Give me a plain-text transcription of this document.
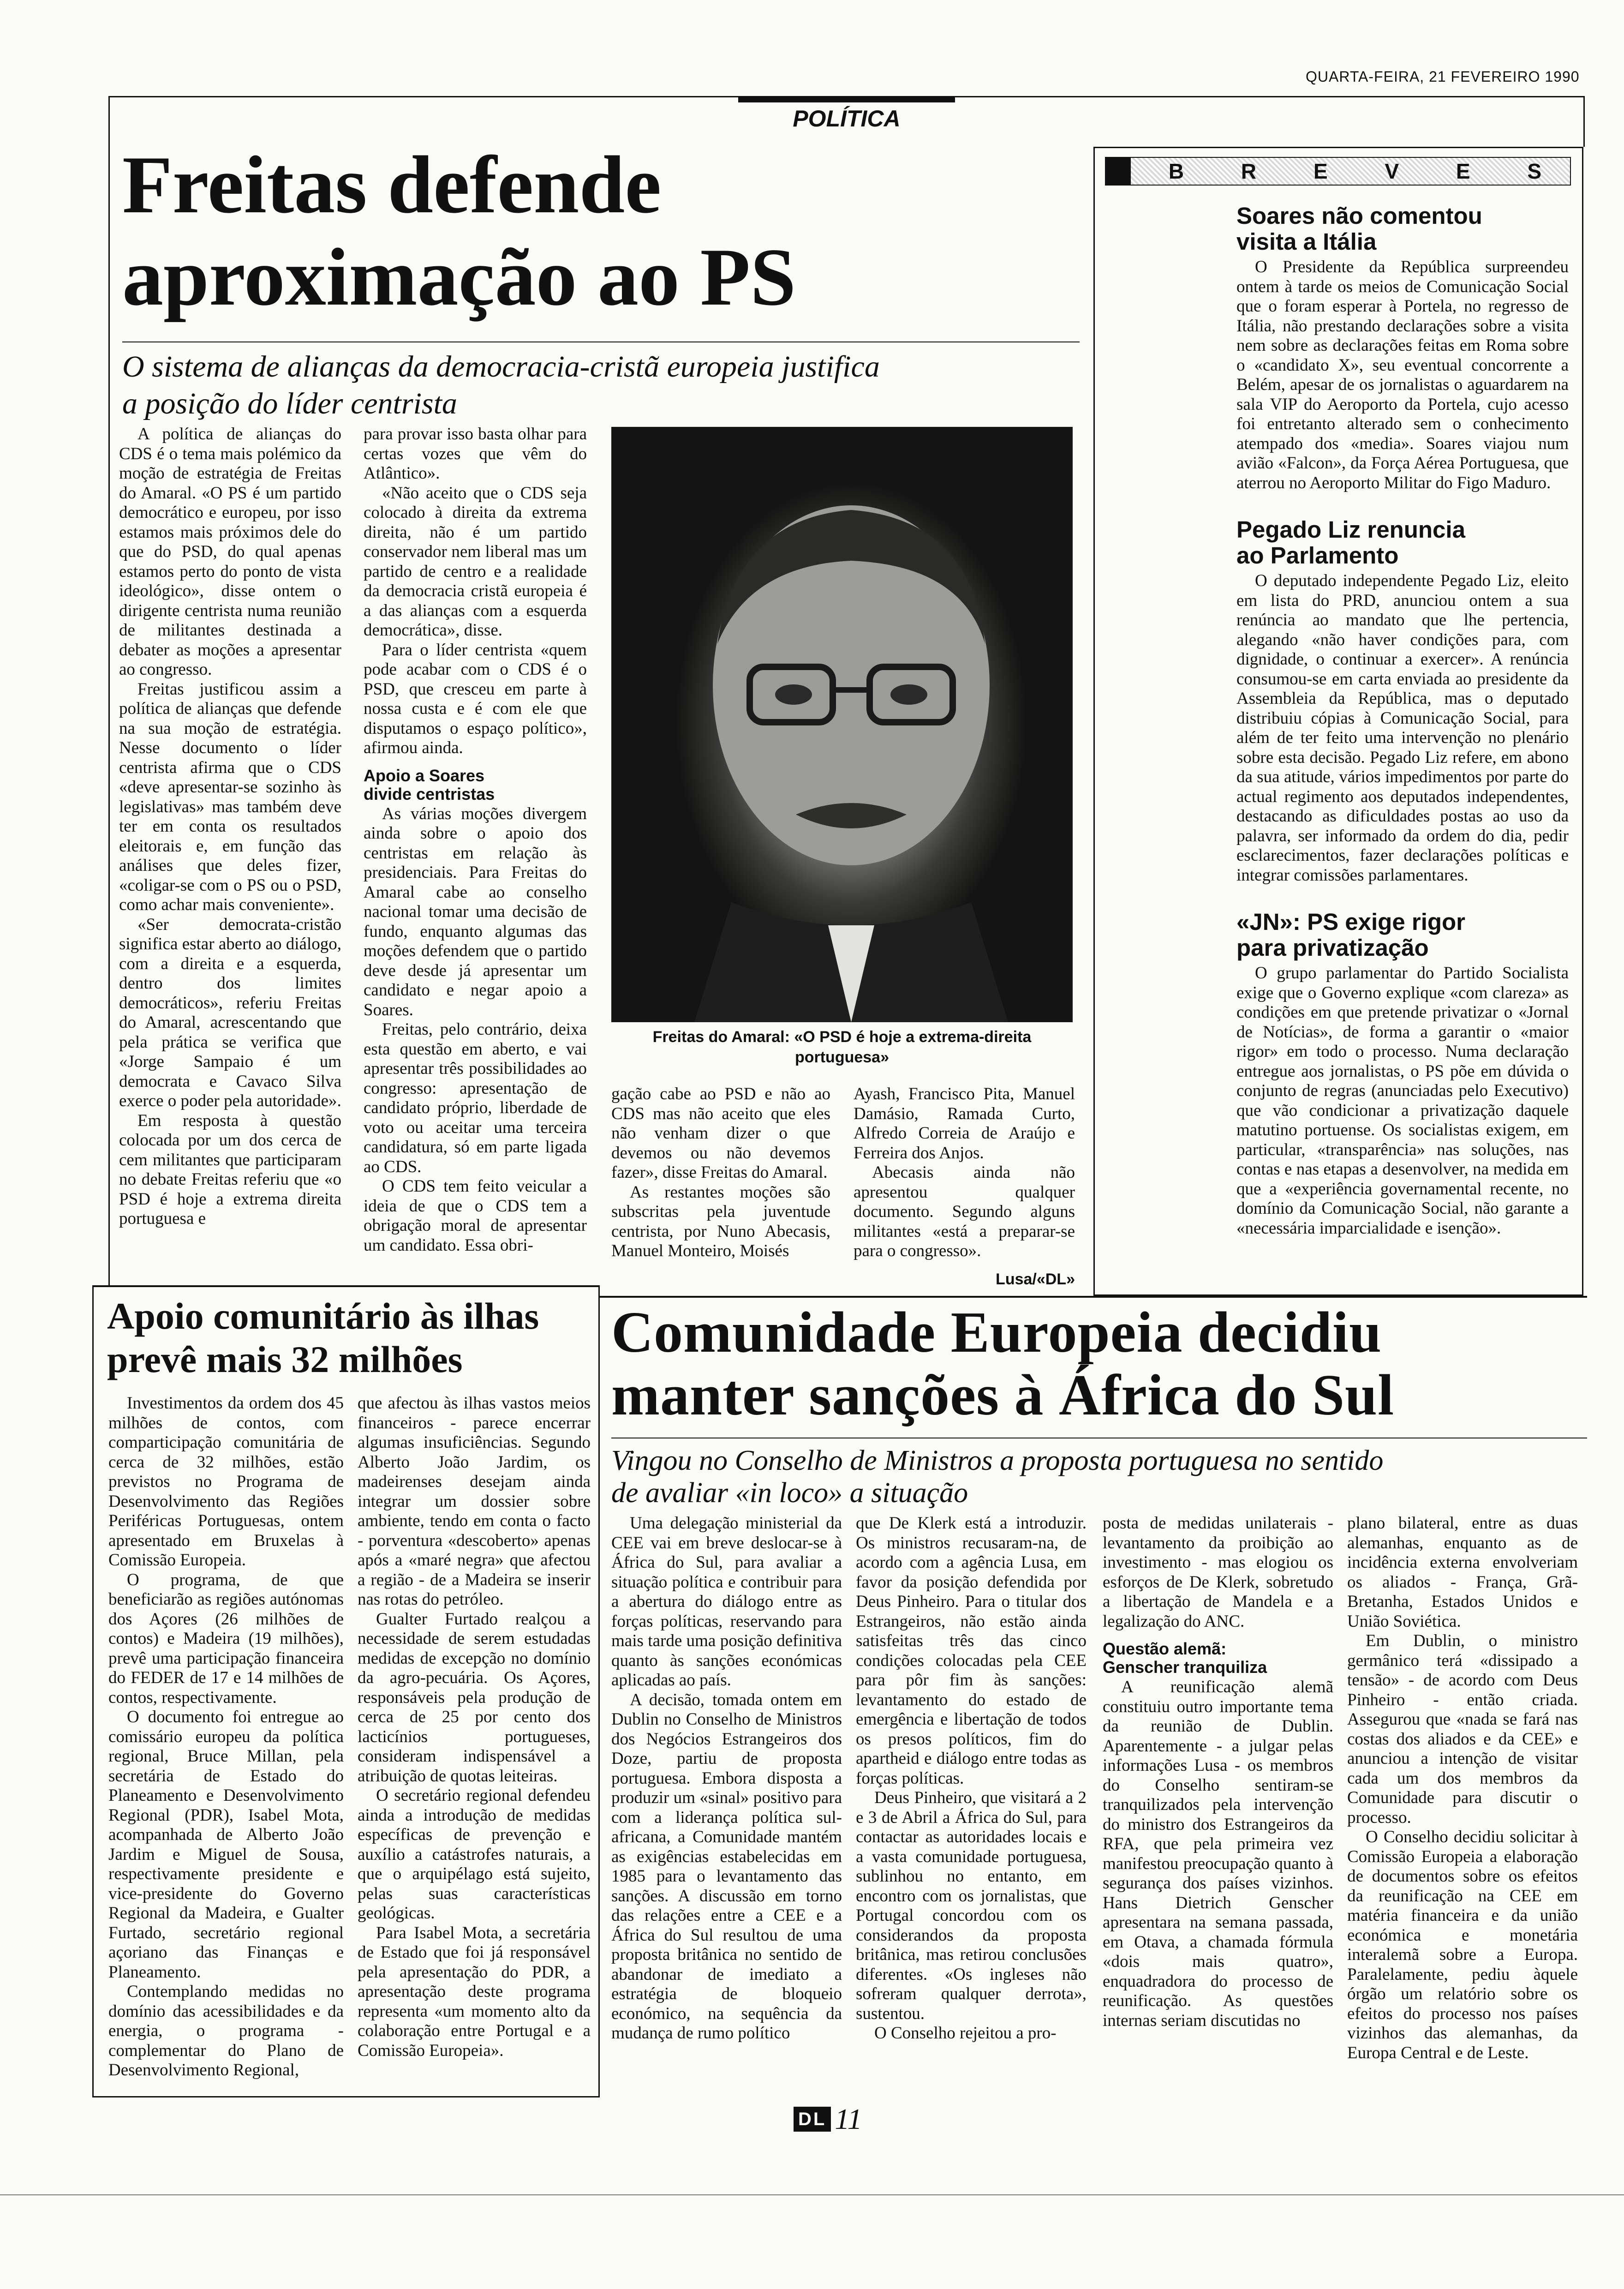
QUARTA-FEIRA, 21 FEVEREIRO 1990
POLÍTICA
Freitas defende
aproximação ao PS
O sistema de alianças da democracia-cristã europeia justifica
a posição do líder centrista

A política de alianças do CDS é o tema mais polémico da moção de estratégia de Freitas do Amaral. «O PS é um partido democrático e europeu, por isso estamos mais próximos dele do que do PSD, do qual apenas estamos perto do ponto de vista ideológico», disse ontem o dirigente centrista numa reunião de militantes destinada a debater as moções a apresentar ao congresso.

Freitas justificou assim a política de alianças que defende na sua moção de estratégia. Nesse documento o líder centrista afirma que o CDS «deve apresentar-se sozinho às legislativas» mas também deve ter em conta os resultados eleitorais e, em função das análises que deles fizer, «coligar-se com o PS ou o PSD, como achar mais conveniente».

«Ser democrata-cristão significa estar aberto ao diálogo, com a direita e a esquerda, dentro dos limites democráticos», referiu Freitas do Amaral, acrescentando que pela prática se verifica que «Jorge Sampaio é um democrata e Cavaco Silva exerce o poder pela autoridade».

Em resposta à questão colocada por um dos cerca de cem militantes que participaram no debate Freitas referiu que «o PSD é hoje a extrema direita portuguesa e

para provar isso basta olhar para certas vozes que vêm do Atlântico».

«Não aceito que o CDS seja colocado à direita da extrema direita, não é um partido conservador nem liberal mas um partido de centro e a realidade da democracia cristã europeia é a das alianças com a esquerda democrática», disse.

Para o líder centrista «quem pode acabar com o CDS é o PSD, que cresceu em parte à nossa custa e é com ele que disputamos o espaço político», afirmou ainda.

Apoio a Soares
divide centristas

As várias moções divergem ainda sobre o apoio dos centristas em relação às presidenciais. Para Freitas do Amaral cabe ao conselho nacional tomar uma decisão de fundo, enquanto algumas das moções defendem que o partido deve desde já apresentar um candidato e negar apoio a Soares.

Freitas, pelo contrário, deixa esta questão em aberto, e vai apresentar três possibilidades ao congresso: apresentação de candidato próprio, liberdade de voto ou aceitar uma terceira candidatura, só em parte ligada ao CDS.

O CDS tem feito veicular a ideia de que o CDS tem a obrigação moral de apresentar um candidato. Essa obri-

Freitas do Amaral: «O PSD é hoje a extrema-direita
portuguesa»

gação cabe ao PSD e não ao CDS mas não aceito que eles não venham dizer o que devemos ou não devemos fazer», disse Freitas do Amaral.

As restantes moções são subscritas pela juventude centrista, por Nuno Abecasis, Manuel Monteiro, Moisés

Ayash, Francisco Pita, Manuel Damásio, Ramada Curto, Alfredo Correia de Araújo e Ferreira dos Anjos.

Abecasis ainda não apresentou qualquer documento. Segundo alguns militantes «está a preparar-se para o congresso».

Lusa/«DL»
B	R	E	V	E	S
Soares não comentou
visita a Itália

O Presidente da República surpreendeu ontem à tarde os meios de Comunicação Social que o foram esperar à Portela, no regresso de Itália, não prestando declarações sobre a visita nem sobre as declarações feitas em Roma sobre o «candidato X», seu eventual concorrente a Belém, apesar de os jornalistas o aguardarem na sala VIP do Aeroporto da Portela, cujo acesso foi entretanto alterado sem o conhecimento atempado dos «media». Soares viajou num avião «Falcon», da Força Aérea Portuguesa, que aterrou no Aeroporto Militar do Figo Maduro.

Pegado Liz renuncia
ao Parlamento

O deputado independente Pegado Liz, eleito em lista do PRD, anunciou ontem a sua renúncia ao mandato que lhe pertencia, alegando «não haver condições para, com dignidade, o continuar a exercer». A renúncia consumou-se em carta enviada ao presidente da Assembleia da República, mas o deputado distribuiu cópias à Comunicação Social, para além de ter feito uma intervenção no plenário sobre esta decisão. Pegado Liz refere, em abono da sua atitude, vários impedimentos por parte do actual regimento aos deputados independentes, destacando as dificuldades postas ao uso da palavra, ser informado da ordem do dia, pedir esclarecimentos, fazer declarações políticas e integrar comissões parlamentares.

«JN»: PS exige rigor
para privatização

O grupo parlamentar do Partido Socialista exige que o Governo explique «com clareza» as condições em que pretende privatizar o «Jornal de Notícias», de forma a garantir o «maior rigor» em todo o processo. Numa declaração entregue aos jornalistas, o PS põe em dúvida o conjunto de regras (anunciadas pelo Executivo) que vão condicionar a privatização daquele matutino portuense. Os socialistas exigem, em particular, «transparência» nas soluções, nas contas e nas etapas a desenvolver, na medida em que a «experiência governamental recente, no domínio da Comunicação Social, não garante a «necessária imparcialidade e isenção».

Apoio comunitário às ilhas
prevê mais 32 milhões

Investimentos da ordem dos 45 milhões de contos, com comparticipação comunitária de cerca de 32 milhões, estão previstos no Programa de Desenvolvimento das Regiões Periféricas Portuguesas, ontem apresentado em Bruxelas à Comissão Europeia.

O programa, de que beneficiarão as regiões autónomas dos Açores (26 milhões de contos) e Madeira (19 milhões), prevê uma participação financeira do FEDER de 17 e 14 milhões de contos, respectivamente.

O documento foi entregue ao comissário europeu da política regional, Bruce Millan, pela secretária de Estado do Planeamento e Desenvolvimento Regional (PDR), Isabel Mota, acompanhada de Alberto João Jardim e Miguel de Sousa, respectivamente presidente e vice-presidente do Governo Regional da Madeira, e Gualter Furtado, secretário regional açoriano das Finanças e Planeamento.

Contemplando medidas no domínio das acessibilidades e da energia, o programa - complementar do Plano de Desenvolvimento Regional,

que afectou às ilhas vastos meios financeiros - parece encerrar algumas insuficiências. Segundo Alberto João Jardim, os madeirenses desejam ainda integrar um dossier sobre ambiente, tendo em conta o facto - porventura «descoberto» apenas após a «maré negra» que afectou a região - de a Madeira se inserir nas rotas do petróleo.

Gualter Furtado realçou a necessidade de serem estudadas medidas de excepção no domínio da agro-pecuária. Os Açores, responsáveis pela produção de cerca de 25 por cento dos lacticínios portugueses, consideram indispensável a atribuição de quotas leiteiras.

O secretário regional defendeu ainda a introdução de medidas específicas de prevenção e auxílio a catástrofes naturais, a que o arquipélago está sujeito, pelas suas características geológicas.

Para Isabel Mota, a secretária de Estado que foi já responsável pela apresentação do PDR, a apresentação deste programa representa «um momento alto da colaboração entre Portugal e a Comissão Europeia».

Comunidade Europeia decidiu
manter sanções à África do Sul
Vingou no Conselho de Ministros a proposta portuguesa no sentido
de avaliar «in loco» a situação

Uma delegação ministerial da CEE vai em breve deslocar-se à África do Sul, para avaliar a situação política e contribuir para a abertura do diálogo entre as forças políticas, reservando para mais tarde uma posição definitiva quanto às sanções económicas aplicadas ao país.

A decisão, tomada ontem em Dublin no Conselho de Ministros dos Negócios Estrangeiros dos Doze, partiu de proposta portuguesa. Embora disposta a produzir um «sinal» positivo para com a liderança política sul-africana, a Comunidade mantém as exigências estabelecidas em 1985 para o levantamento das sanções. A discussão em torno das relações entre a CEE e a África do Sul resultou de uma proposta britânica no sentido de abandonar de imediato a estratégia de bloqueio económico, na sequência da mudança de rumo político

que De Klerk está a introduzir. Os ministros recusaram-na, de acordo com a agência Lusa, em favor da posição defendida por Deus Pinheiro. Para o titular dos Estrangeiros, não estão ainda satisfeitas três das cinco condições colocadas pela CEE para pôr fim às sanções: levantamento do estado de emergência e libertação de todos os presos políticos, fim do apartheid e diálogo entre todas as forças políticas.

Deus Pinheiro, que visitará a 2 e 3 de Abril a África do Sul, para contactar as autoridades locais e a vasta comunidade portuguesa, sublinhou no entanto, em encontro com os jornalistas, que Portugal concordou com os considerandos da proposta britânica, mas retirou conclusões diferentes. «Os ingleses não sofreram qualquer derrota», sustentou.

O Conselho rejeitou a pro-

posta de medidas unilaterais - levantamento da proibição ao investimento - mas elogiou os esforços de De Klerk, sobretudo a libertação de Mandela e a legalização do ANC.

Questão alemã:
Genscher tranquiliza

A reunificação alemã constituiu outro importante tema da reunião de Dublin. Aparentemente - a julgar pelas informações Lusa - os membros do Conselho sentiram-se tranquilizados pela intervenção do ministro dos Estrangeiros da RFA, que pela primeira vez manifestou preocupação quanto à segurança dos países vizinhos. Hans Dietrich Genscher apresentara na semana passada, em Otava, a chamada fórmula «dois mais quatro», enquadradora do processo de reunificação. As questões internas seriam discutidas no

plano bilateral, entre as duas alemanhas, enquanto as de incidência externa envolveriam os aliados - França, Grã-Bretanha, Estados Unidos e União Soviética.

Em Dublin, o ministro germânico terá «dissipado a tensão» - de acordo com Deus Pinheiro - então criada. Assegurou que «nada se fará nas costas dos aliados e da CEE» e anunciou a intenção de visitar cada um dos membros da Comunidade para discutir o processo.

O Conselho decidiu solicitar à Comissão Europeia a elaboração de documentos sobre os efeitos da reunificação na CEE em matéria financeira e da união económica e monetária interalemã sobre a Europa. Paralelamente, pediu àquele órgão um relatório sobre os efeitos do processo nos países vizinhos das alemanhas, da Europa Central e de Leste.

DL 11
